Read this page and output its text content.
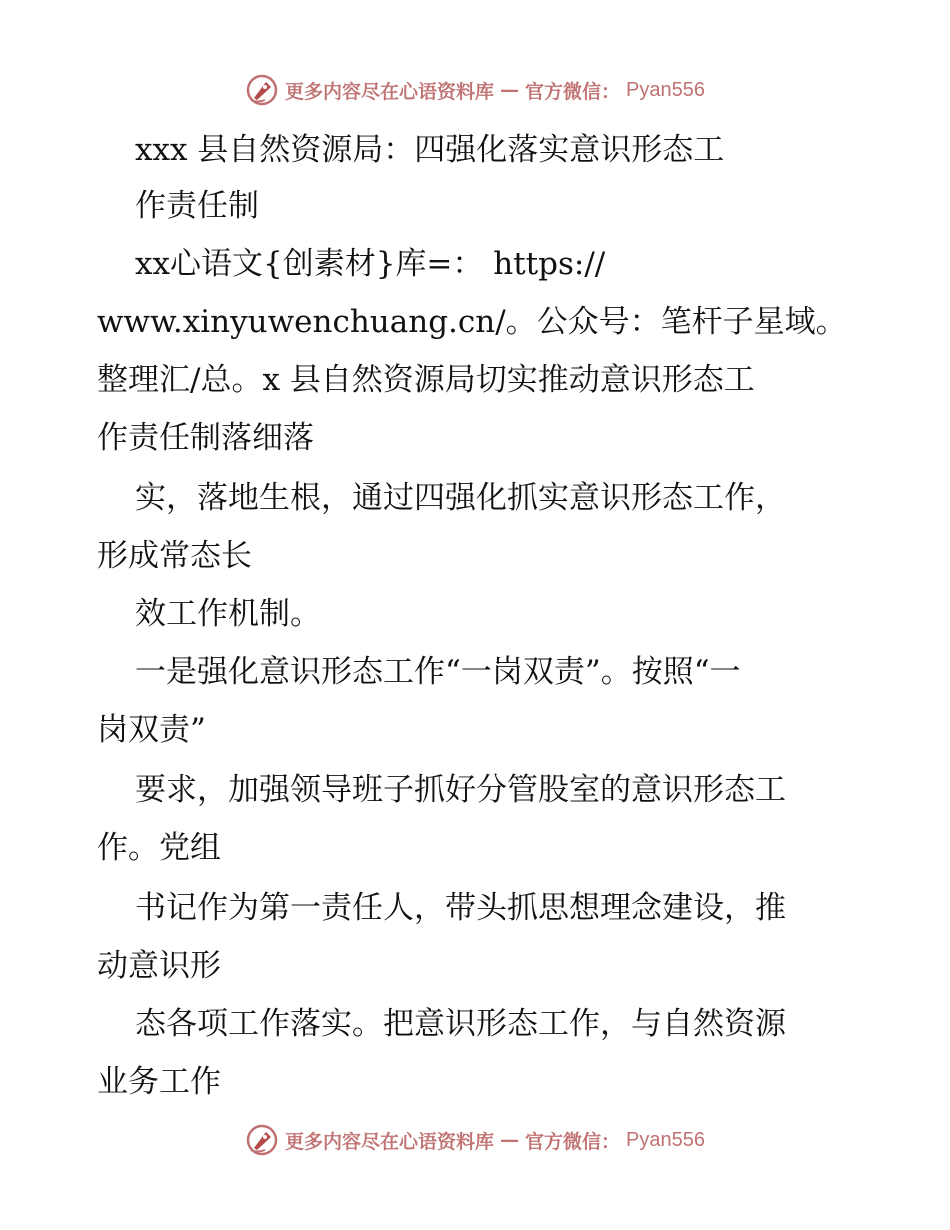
更多内容尽在心语资料库 — 官方微信： Pyan556
xxx 县自然资源局：四强化落实意识形态工
作责任制
xx心语文{创素材}库=： https://
www.xinyuwenchuang.cn/。公众号：笔杆子星域。
整理汇/总。x 县自然资源局切实推动意识形态工
作责任制落细落
实，落地生根，通过四强化抓实意识形态工作，
形成常态长
效工作机制。
一是强化意识形态工作“一岗双责”。按照“一
岗双责”
要求，加强领导班子抓好分管股室的意识形态工
作。党组
书记作为第一责任人，带头抓思想理念建设，推
动意识形
态各项工作落实。把意识形态工作，与自然资源
业务工作
更多内容尽在心语资料库 — 官方微信： Pyan556
